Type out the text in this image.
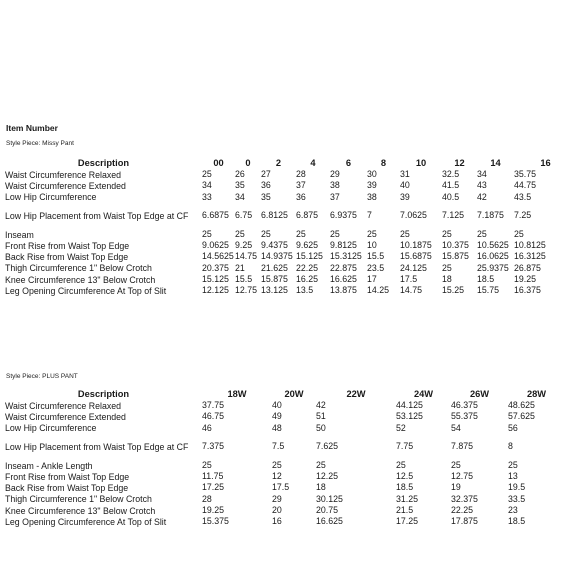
Item Number
Style Piece: Missy Pant
Description	00	0	2	4	6	8	10	12	14	16
Waist Circumference Relaxed	25	26	27	28	29	30	31	32.5	34	35.75
Waist Circumference Extended	34	35	36	37	38	39	40	41.5	43	44.75
Low Hip Circumference	33	34	35	36	37	38	39	40.5	42	43.5
Low Hip Placement from Waist Top Edge at CF	6.6875	6.75	6.8125	6.875	6.9375	7	7.0625	7.125	7.1875	7.25
Inseam	25	25	25	25	25	25	25	25	25	25
Front Rise from Waist Top Edge	9.0625	9.25	9.4375	9.625	9.8125	10	10.1875	10.375	10.5625	10.8125
Back Rise from Waist Top Edge	14.5625	14.75	14.9375	15.125	15.3125	15.5	15.6875	15.875	16.0625	16.3125
Thigh Circumference 1" Below Crotch	20.375	21	21.625	22.25	22.875	23.5	24.125	25	25.9375	26.875
Knee Circumference 13" Below Crotch	15.125	15.5	15.875	16.25	16.625	17	17.5	18	18.5	19.25
Leg Opening Circumference At Top of Slit	12.125	12.75	13.125	13.5	13.875	14.25	14.75	15.25	15.75	16.375
Style Piece: PLUS PANT
Description	18W	20W	22W	24W	26W	28W
Waist Circumference Relaxed	37.75	40	42	44.125	46.375	48.625
Waist Circumference Extended	46.75	49	51	53.125	55.375	57.625
Low Hip Circumference	46	48	50	52	54	56
Low Hip Placement from Waist Top Edge at CF	7.375	7.5	7.625	7.75	7.875	8
Inseam - Ankle Length	25	25	25	25	25	25
Front Rise from Waist Top Edge	11.75	12	12.25	12.5	12.75	13
Back Rise from Waist Top Edge	17.25	17.5	18	18.5	19	19.5
Thigh Circumference 1" Below Crotch	28	29	30.125	31.25	32.375	33.5
Knee Circumference 13" Below Crotch	19.25	20	20.75	21.5	22.25	23
Leg Opening Circumference At Top of Slit	15.375	16	16.625	17.25	17.875	18.5
